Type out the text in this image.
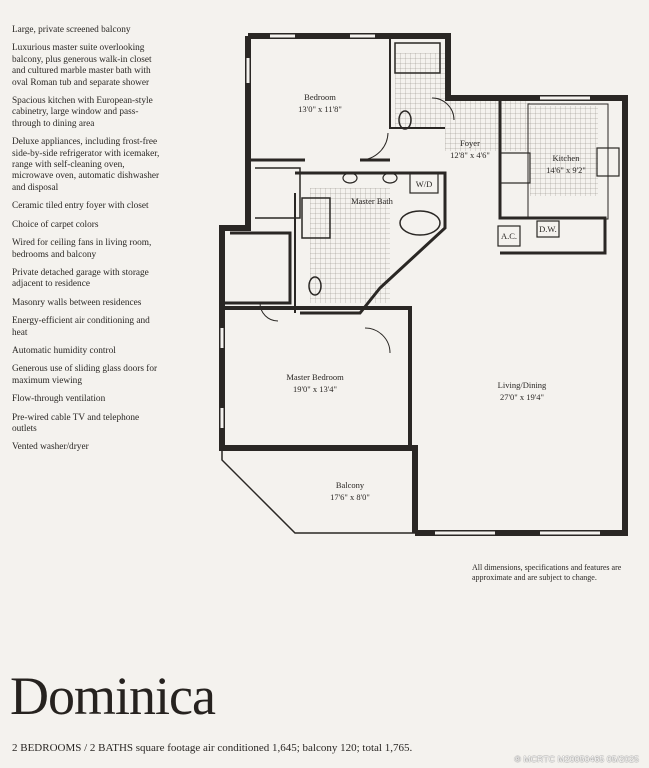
Large, private screened balcony
Luxurious master suite overlooking balcony, plus generous walk-in closet and cultured marble master bath with oval Roman tub and separate shower
Spacious kitchen with European-style cabinetry, large window and pass-through to dining area
Deluxe appliances, including frost-free side-by-side refrigerator with icemaker, range with self-cleaning oven, microwave oven, automatic dishwasher and disposal
Ceramic tiled entry foyer with closet
Choice of carpet colors
Wired for ceiling fans in living room, bedrooms and balcony
Private detached garage with storage adjacent to residence
Masonry walls between residences
Energy-efficient air conditioning and heat
Automatic humidity control
Generous use of sliding glass doors for maximum viewing
Flow-through ventilation
Pre-wired cable TV and telephone outlets
Vented washer/dryer
Bedroom
13'0" x 11'8"
Foyer
12'8" x 4'6"	Kitchen
14'6" x 9'2"
Master Bath
W/D
A.C.
D.W.
Master Bedroom
19'0" x 13'4"	Living/Dining
27'0" x 19'4"
Balcony
17'6" x 8'0"
All dimensions, specifications and features are approximate and are subject to change.
Dominica

2 BEDROOMS / 2 BATHS square footage air conditioned 1,645; balcony 120; total 1,765.

® MCRTC M20050465 05/2025
